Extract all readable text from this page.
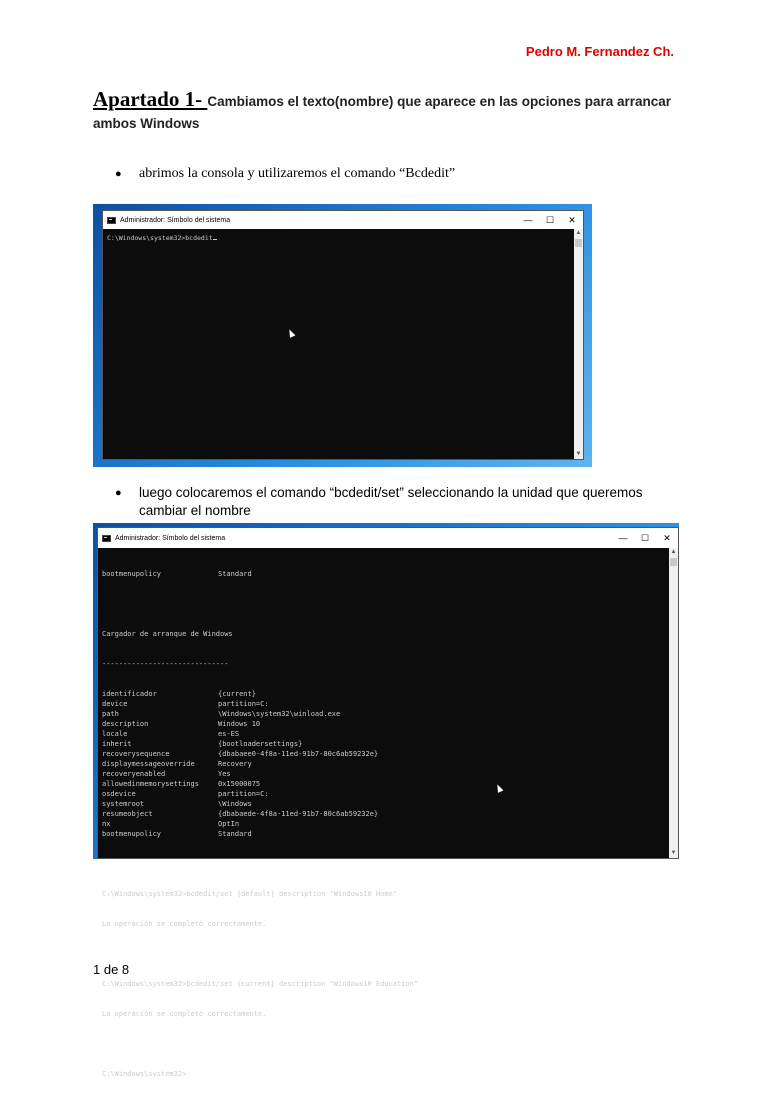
Pedro M. Fernandez Ch.
Apartado 1- Cambiamos el texto(nombre) que aparece en las opciones para arrancar ambos Windows
●	abrimos la consola y utilizaremos el comando “Bcdedit”
Administrador: Símbolo del sistema	—	☐	✕
C:\Windows\system32>bcdedit
▲
▼
●	luego colocaremos el comando “bcdedit/set” seleccionando la unidad que queremos cambiar el nombre
Administrador: Símbolo del sistema	—	☐	✕

bootmenupolicy	Standard

Cargador de arranque de Windows

------------------------------

identificador	{current}
device	partition=C:
path	\Windows\system32\winload.exe
description	Windows 10
locale	es-ES
inherit	{bootloadersettings}
recoverysequence	{dbabaee0-4f8a-11ed-91b7-80c6ab59232e}
displaymessageoverride	Recovery
recoveryenabled	Yes
allowedinmemorysettings	0x15000075
osdevice	partition=C:
systemroot	\Windows
resumeobject	{dbabaede-4f8a-11ed-91b7-80c6ab59232e}
nx	OptIn
bootmenupolicy	Standard

C:\Windows\system32>bcdedit/set {default} description "Windows10 Home"

La operación se completó correctamente.

C:\Windows\system32>bcdedit/set {current} description "Windows10 Education"

La operación se completó correctamente.

C:\Windows\system32>

▲
▼
1 de 8
